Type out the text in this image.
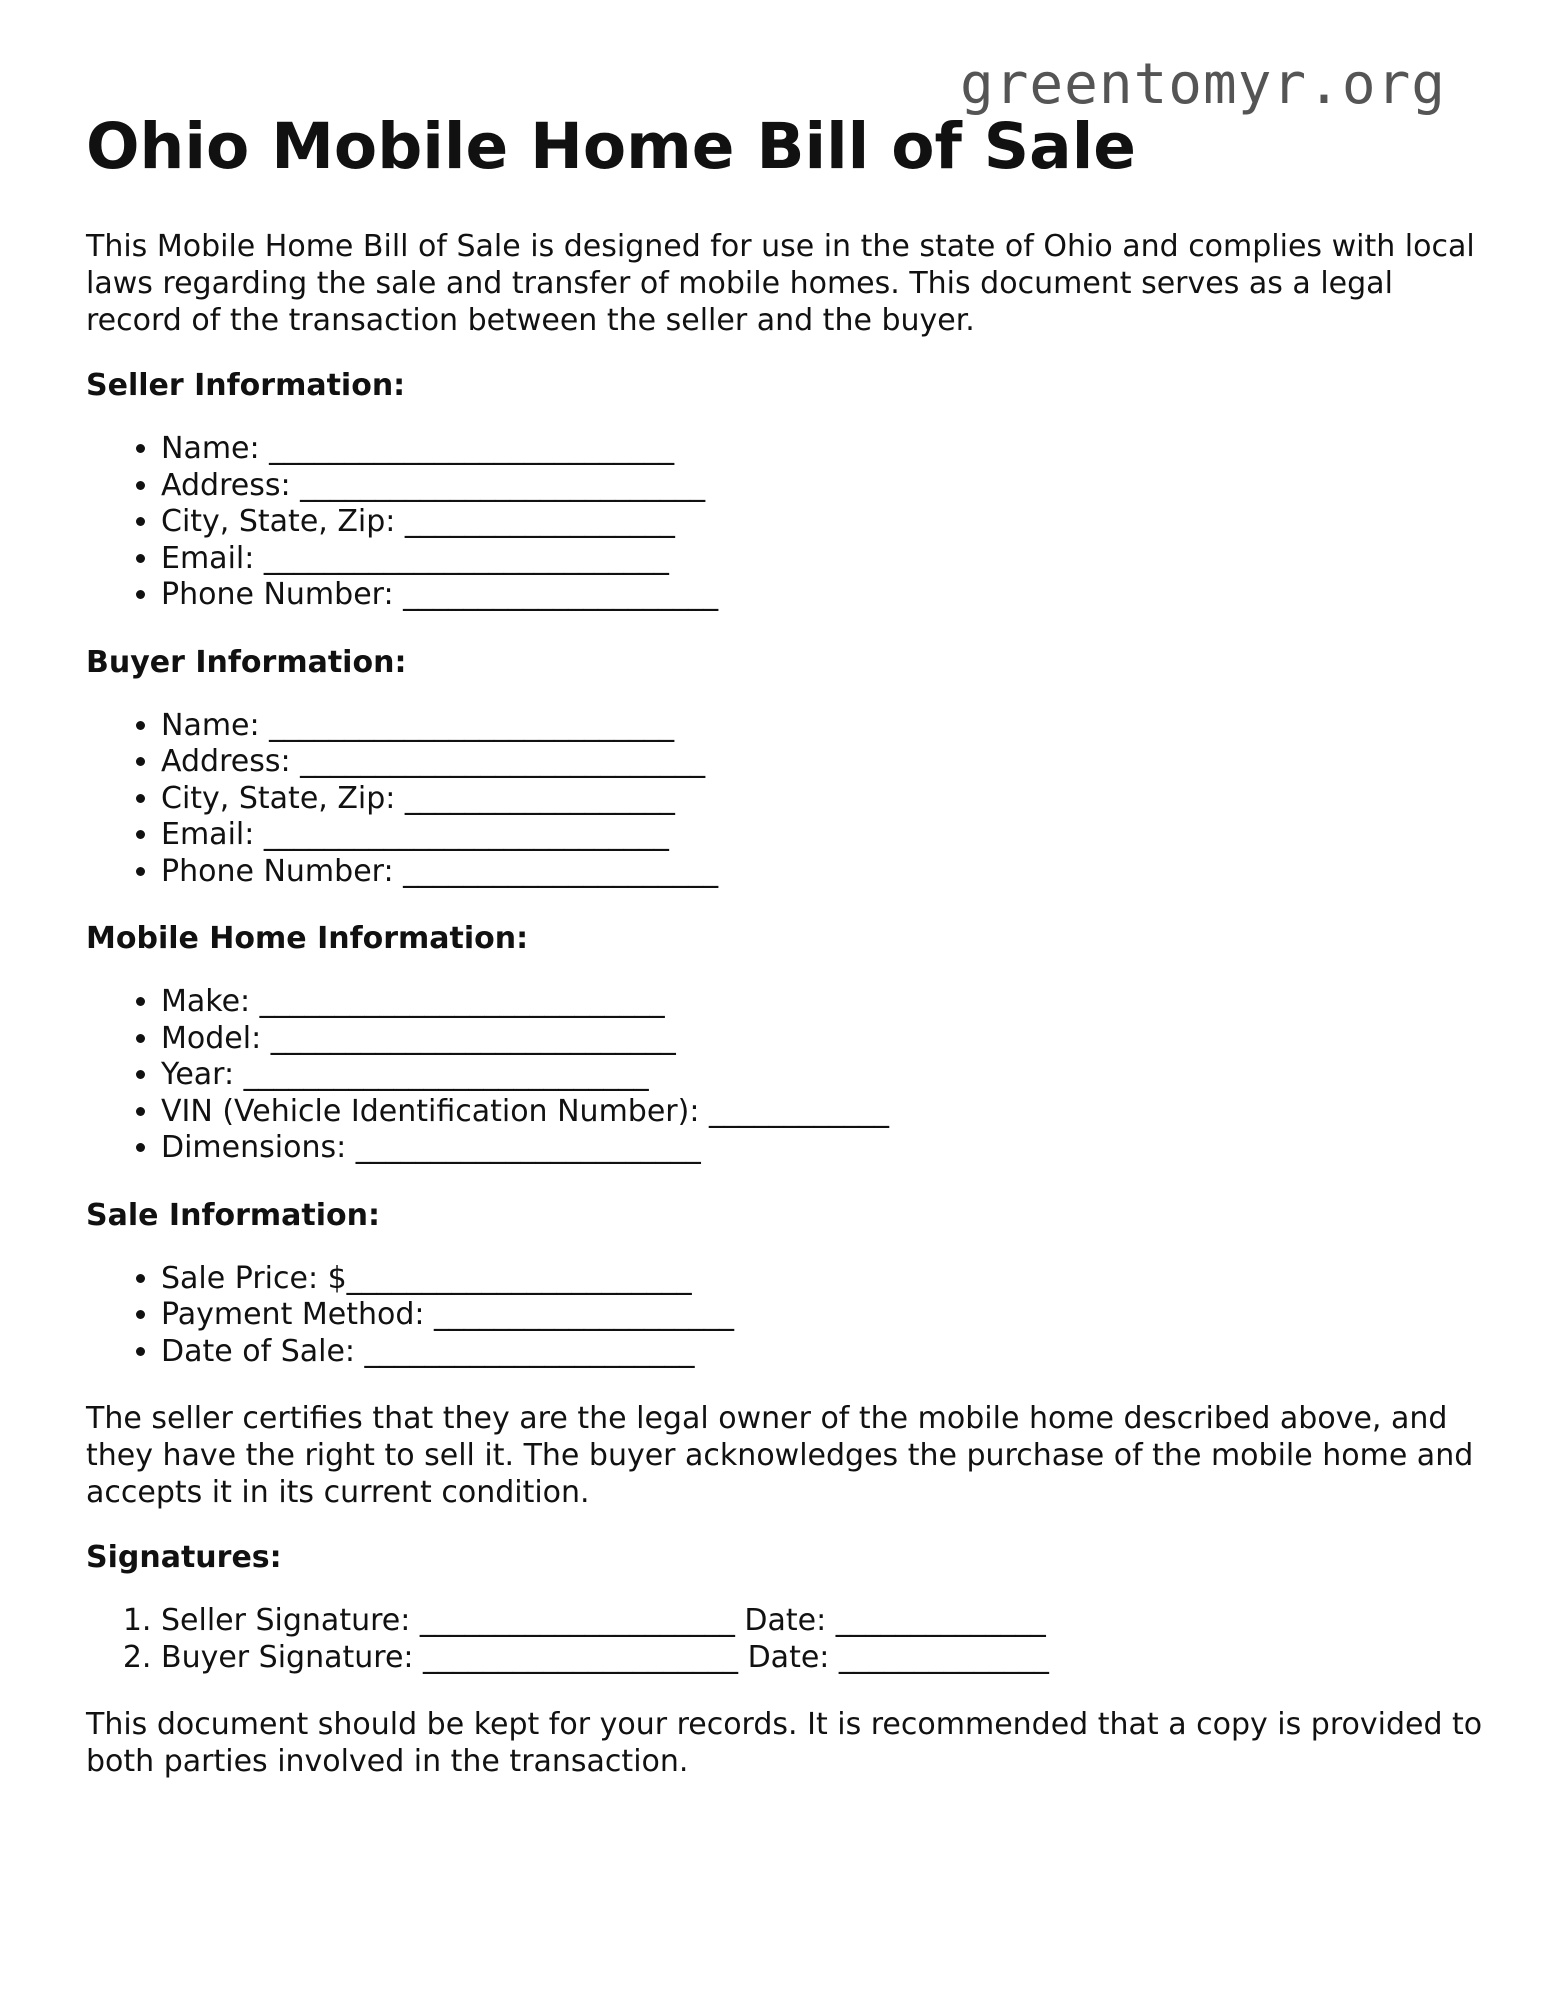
greentomyr.org
Ohio Mobile Home Bill of Sale

This Mobile Home Bill of Sale is designed for use in the state of Ohio and complies with local laws regarding the sale and transfer of mobile homes. This document serves as a legal record of the transaction between the seller and the buyer.

Seller Information:
• Name: ___________________________
• Address: ___________________________
• City, State, Zip: __________________
• Email: ___________________________
• Phone Number: _____________________
Buyer Information:
• Name: ___________________________
• Address: ___________________________
• City, State, Zip: __________________
• Email: ___________________________
• Phone Number: _____________________
Mobile Home Information:
• Make: ___________________________
• Model: ___________________________
• Year: ___________________________
• VIN (Vehicle Identification Number): ____________
• Dimensions: _______________________
Sale Information:
• Sale Price: $_______________________
• Payment Method: ____________________
• Date of Sale: ______________________

The seller certifies that they are the legal owner of the mobile home described above, and they have the right to sell it. The buyer acknowledges the purchase of the mobile home and accepts it in its current condition.

Signatures:
1. Seller Signature: _____________________ Date: ______________
2. Buyer Signature: _____________________ Date: ______________

This document should be kept for your records. It is recommended that a copy is provided to both parties involved in the transaction.
